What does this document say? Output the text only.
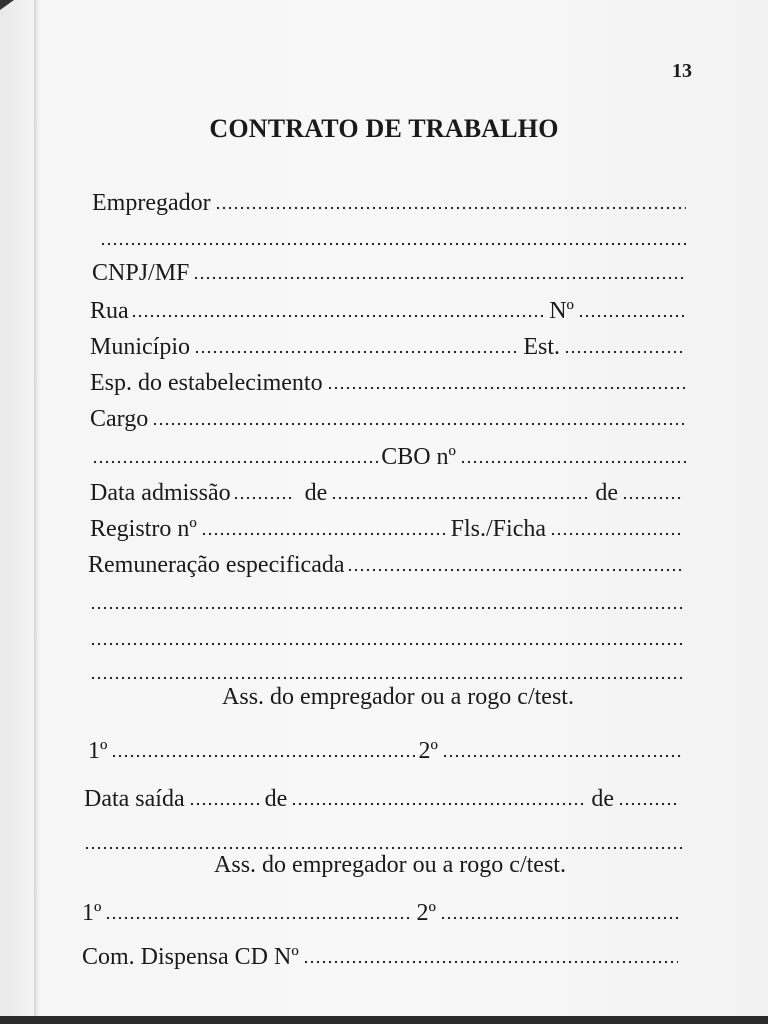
13
CONTRATO DE TRABALHO
Empregador
CNPJ/MF
Rua	Nº
Município	Est.
Esp. do estabelecimento
Cargo
CBO nº
Data admissão	de	de
Registro nº	Fls./Ficha
Remuneração especificada
Ass. do empregador ou a rogo c/test.
1º	2º
Data saída	de	de
Ass. do empregador ou a rogo c/test.
1º	2º
Com. Dispensa CD Nº
